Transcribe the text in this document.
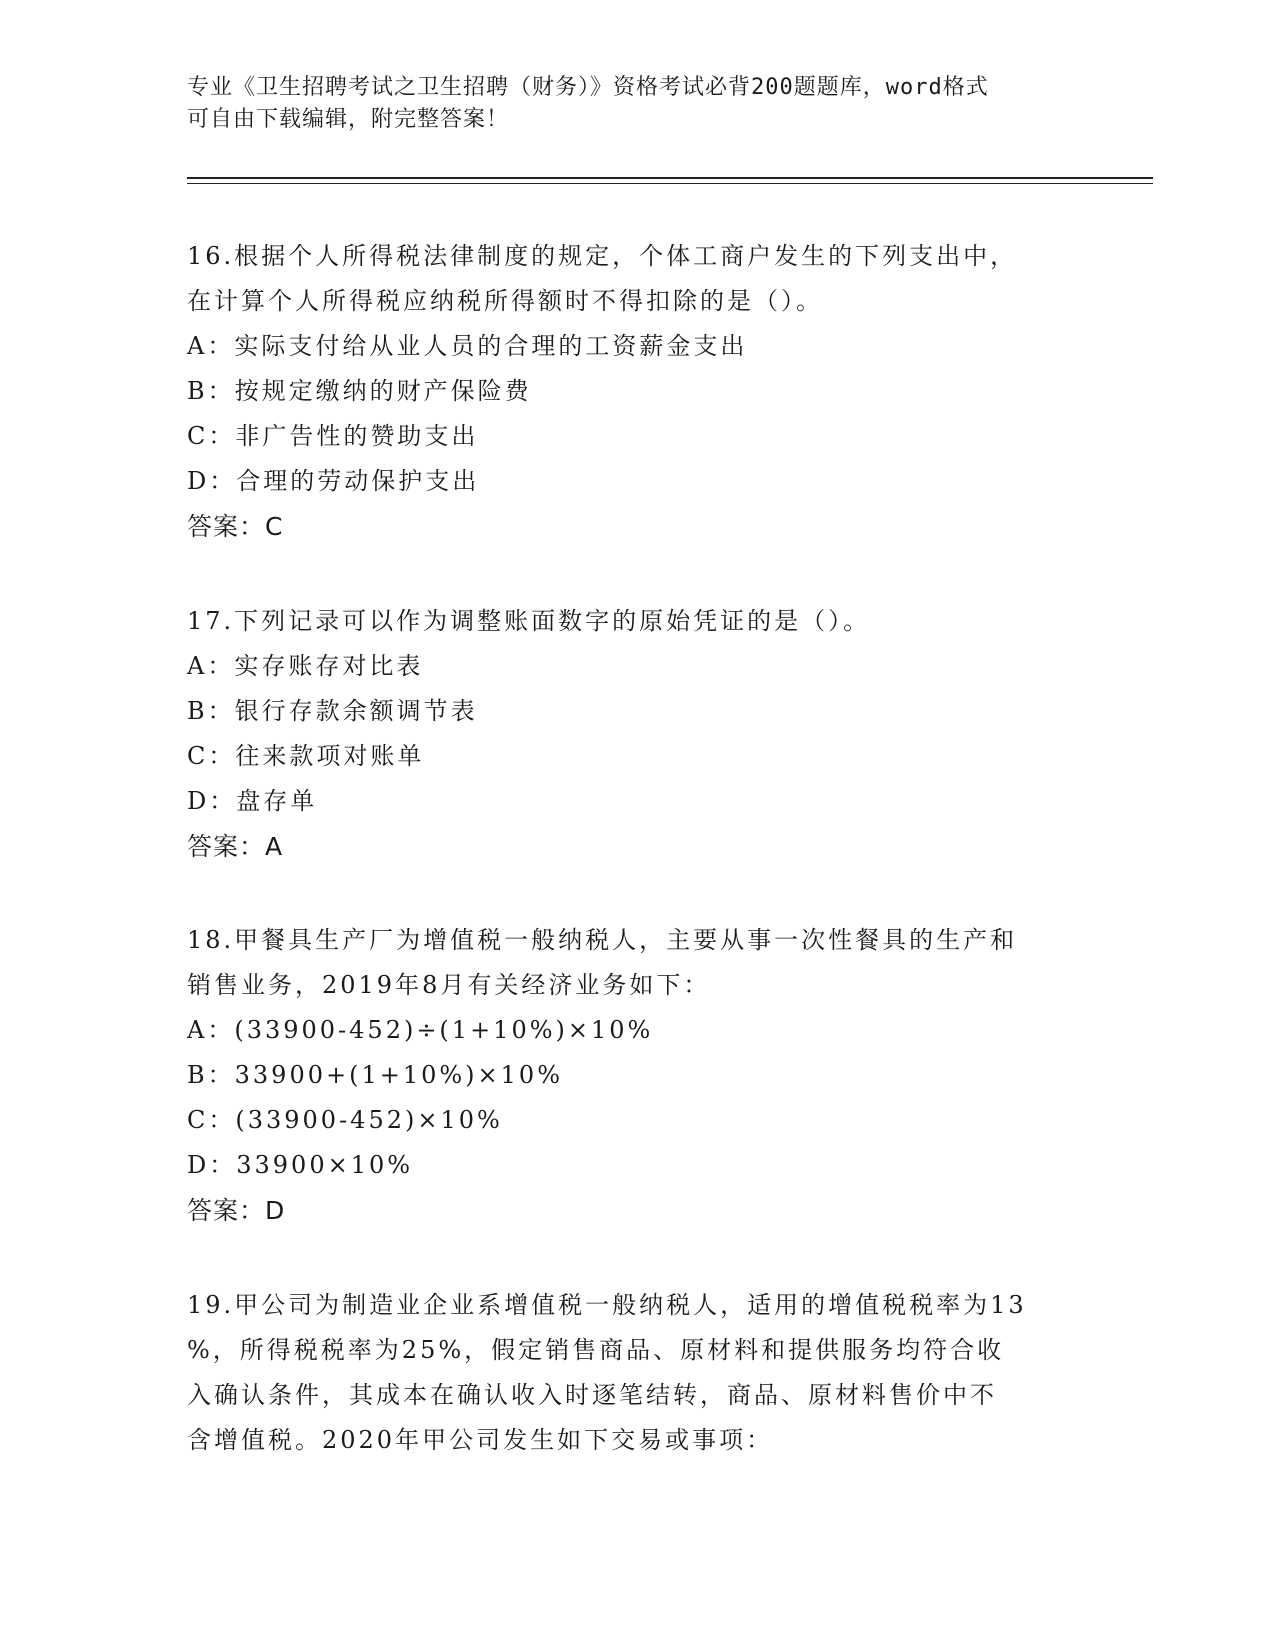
专业《卫生招聘考试之卫生招聘（财务）》资格考试必背200题题库，word格式
可自由下载编辑，附完整答案！
16.根据个人所得税法律制度的规定，个体工商户发生的下列支出中，
在计算个人所得税应纳税所得额时不得扣除的是（）。
A：实际支付给从业人员的合理的工资薪金支出
B：按规定缴纳的财产保险费
C：非广告性的赞助支出
D：合理的劳动保护支出
答案：C
17.下列记录可以作为调整账面数字的原始凭证的是（）。
A：实存账存对比表
B：银行存款余额调节表
C：往来款项对账单
D：盘存单
答案：A
18.甲餐具生产厂为增值税一般纳税人，主要从事一次性餐具的生产和
销售业务，2019年8月有关经济业务如下：
A：(33900-452)÷(1+10%)×10%
B：33900+(1+10%)×10%
C：(33900-452)×10%
D：33900×10%
答案：D
19.甲公司为制造业企业系增值税一般纳税人，适用的增值税税率为13
%，所得税税率为25%，假定销售商品、原材料和提供服务均符合收
入确认条件，其成本在确认收入时逐笔结转，商品、原材料售价中不
含增值税。2020年甲公司发生如下交易或事项：
